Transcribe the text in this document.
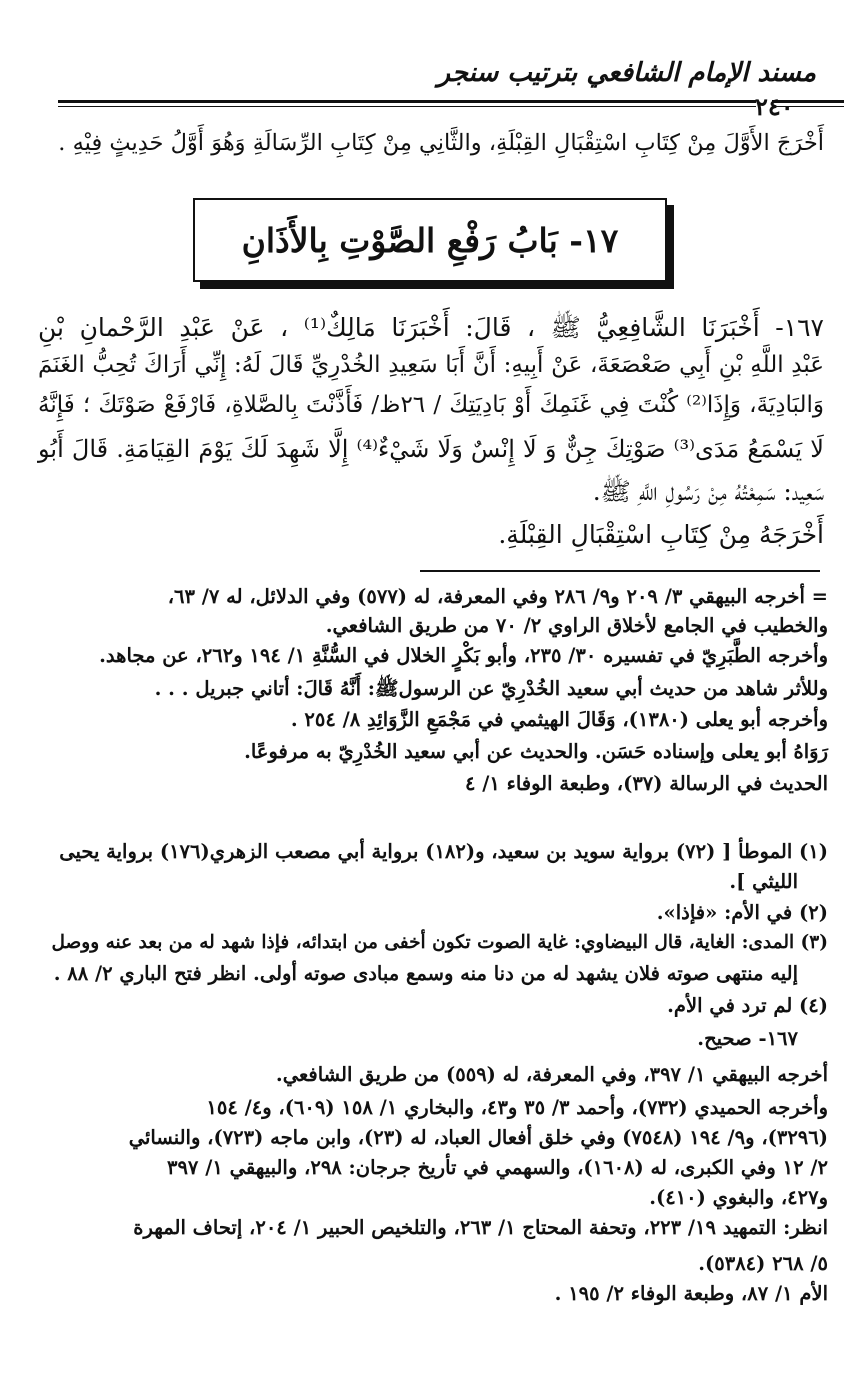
مسند الإمام الشافعي بترتيب سنجر
٢٤٠
أَخْرَجَ الأَوَّلَ مِنْ كِتَابِ اسْتِقْبَالِ القِبْلَةِ، والثَّانِي مِنْ كِتَابِ الرِّسَالَةِ وَهُوَ أَوَّلُ حَدِيثٍ فِيْهِ .
١٧- بَابُ رَفْعِ الصَّوْتِ بِالأَذَانِ
١٦٧- أَخْبَرَنَا الشَّافِعِيُّ ﷺ ، قَالَ: أَخْبَرَنَا مَالِكٌ⁽¹⁾ ، عَنْ عَبْدِ الرَّحْمانِ بْنِ
عَبْدِ اللَّهِ بْنِ أَبِي صَعْصَعَةَ، عَنْ أَبِيهِ: أَنَّ أَبَا سَعِيدِ الخُدْرِيِّ قَالَ لَهُ: إِنِّي أَرَاكَ تُحِبُّ الغَنَمَ
وَالبَادِيَةَ، وَإِذَا⁽²⁾ كُنْتَ فِي غَنَمِكَ أَوْ بَادِيَتِكَ / ٢٦ظ/ فَأَذَّنْتَ بِالصَّلاةِ، فَارْفَعْ صَوْتَكَ ؛ فَإِنَّهُ
لَا يَسْمَعُ مَدَى⁽³⁾ صَوْتِكَ جِنٌّ وَ لَا إِنْسٌ وَلَا شَيْءٌ⁽⁴⁾ إِلَّا شَهِدَ لَكَ يَوْمَ القِيَامَةِ. قَالَ أَبُو
سَعِيد: سَمِعْتُهُ مِنْ رَسُولِ اللَّهِ ﷺ.
أَخْرَجَهُ مِنْ كِتَابِ اسْتِقْبَالِ القِبْلَةِ.
= أخرجه البيهقي ٣/ ٢٠٩ و٩/ ٢٨٦ وفي المعرفة، له (٥٧٧) وفي الدلائل، له ٧/ ٦٣،
والخطيب في الجامع لأخلاق الراوي ٢/ ٧٠ من طريق الشافعي.
وأخرجه الطَّبَرِيّ في تفسيره ٣٠/ ٢٣٥، وأبو بَكْرٍ الخلال في السُّنَّةِ ١/ ١٩٤ و٢٦٢، عن مجاهد.
وللأثر شاهد من حديث أبي سعيد الخُدْرِيّ عن الرسولﷺ: أَنَّهُ قَالَ: أتاني جبريل . . .
وأخرجه أبو يعلى (١٣٨٠)، وَقَالَ الهيثمي في مَجْمَعِ الزَّوَائِدِ ٨/ ٢٥٤ .
رَوَاهُ أبو يعلى وإسناده حَسَن. والحديث عن أبي سعيد الخُدْرِيّ به مرفوعًا.
الحديث في الرسالة (٣٧)، وطبعة الوفاء ١/ ٤
(١) الموطأ [ (٧٢) برواية سويد بن سعيد، و(١٨٢) برواية أبي مصعب الزهري(١٧٦) برواية يحيى
الليثي ].
(٢) في الأم: «فإذا».
(٣) المدى: الغاية، قال البيضاوي: غاية الصوت تكون أخفى من ابتدائه، فإذا شهد له من بعد عنه ووصل
إليه منتهى صوته فلان يشهد له من دنا منه وسمع مبادى صوته أولى. انظر فتح الباري ٢/ ٨٨ .
(٤) لم ترد في الأم.
١٦٧- صحيح.
أخرجه البيهقي ١/ ٣٩٧، وفي المعرفة، له (٥٥٩) من طريق الشافعي.
وأخرجه الحميدي (٧٣٢)، وأحمد ٣/ ٣٥ و٤٣، والبخاري ١/ ١٥٨ (٦٠٩)، و٤/ ١٥٤
(٣٢٩٦)، و٩/ ١٩٤ (٧٥٤٨) وفي خلق أفعال العباد، له (٢٣)، وابن ماجه (٧٢٣)، والنسائي
٢/ ١٢ وفي الكبرى، له (١٦٠٨)، والسهمي في تأريخ جرجان: ٢٩٨، والبيهقي ١/ ٣٩٧
و٤٢٧، والبغوي (٤١٠).
انظر: التمهيد ١٩/ ٢٢٣، وتحفة المحتاج ١/ ٢٦٣، والتلخيص الحبير ١/ ٢٠٤، إتحاف المهرة
٥/ ٢٦٨ (٥٣٨٤).
الأم ١/ ٨٧، وطبعة الوفاء ٢/ ١٩٥ .
